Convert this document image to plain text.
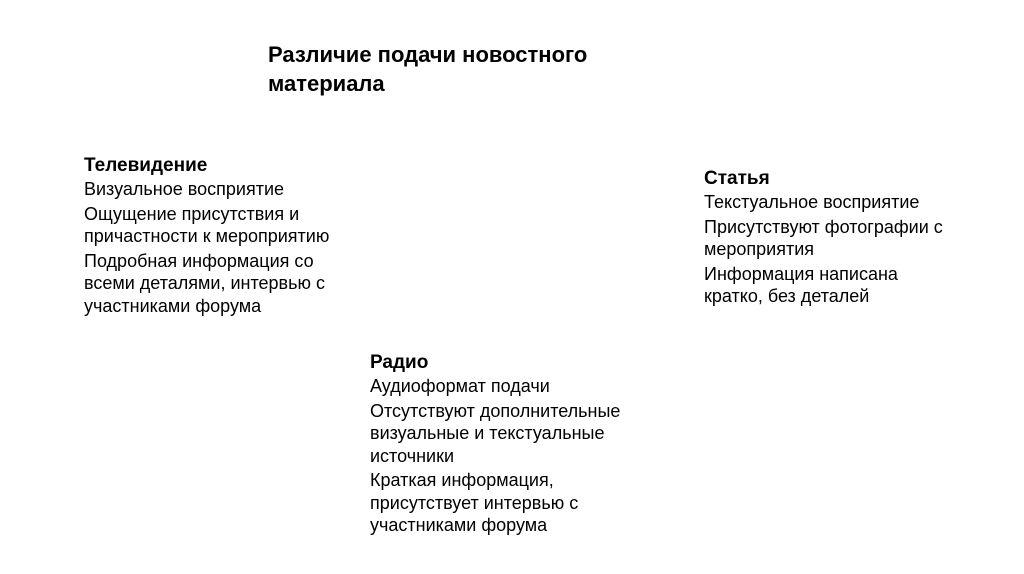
Различие подачи новостного материала
Телевидение

Визуальное восприятие

Ощущение присутствия и причастности к мероприятию

Подробная информация со всеми деталями, интервью с участниками форума

Статья

Текстуальное восприятие

Присутствуют фотографии с мероприятия

Информация написана кратко, без деталей

Радио

Аудиоформат подачи

Отсутствуют дополнительные визуальные и текстуальные источники

Краткая информация, присутствует интервью с участниками форума
